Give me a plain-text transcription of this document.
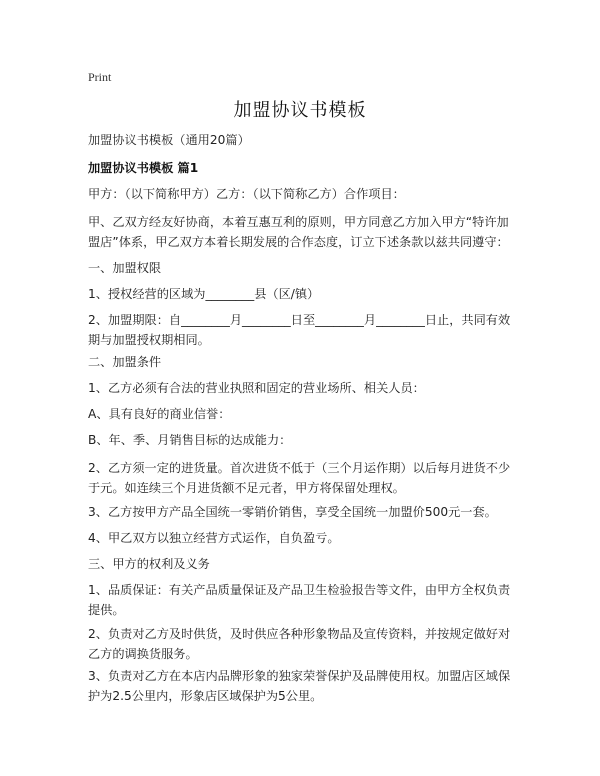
Print
加盟协议书模板
加盟协议书模板（通用20篇）
加盟协议书模板 篇1
甲方：（以下简称甲方）乙方：（以下简称乙方）合作项目：
甲、乙双方经友好协商，本着互惠互利的原则，甲方同意乙方加入甲方“特许加盟店”体系，甲乙双方本着长期发展的合作态度，订立下述条款以兹共同遵守：
一、加盟权限
1、授权经营的区域为________县（区/镇）
2、加盟期限：自________月________日至________月________日止，共同有效期与加盟授权期相同。
二、加盟条件
1、乙方必须有合法的营业执照和固定的营业场所、相关人员：
A、具有良好的商业信誉：
B、年、季、月销售目标的达成能力：
2、乙方须一定的进货量。首次进货不低于（三个月运作期）以后每月进货不少于元。如连续三个月进货额不足元者，甲方将保留处理权。
3、乙方按甲方产品全国统一零销价销售，享受全国统一加盟价500元一套。
4、甲乙双方以独立经营方式运作，自负盈亏。
三、甲方的权利及义务
1、品质保证：有关产品质量保证及产品卫生检验报告等文件，由甲方全权负责提供。
2、负责对乙方及时供货，及时供应各种形象物品及宣传资料，并按规定做好对乙方的调换货服务。
3、负责对乙方在本店内品牌形象的独家荣誉保护及品牌使用权。加盟店区域保护为2.5公里内，形象店区域保护为5公里。
